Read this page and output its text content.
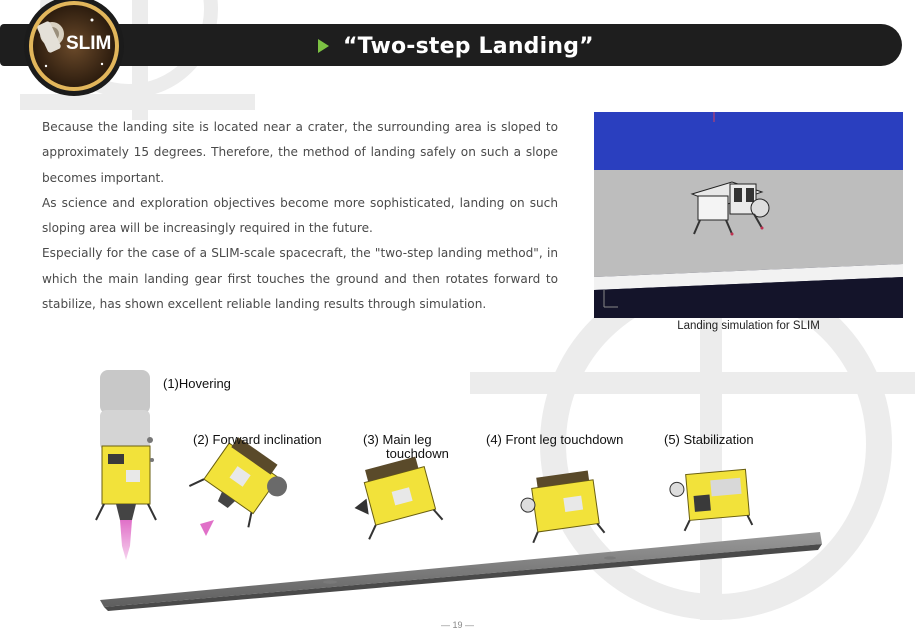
“Two-step Landing”
SLIM

Because the landing site is located near a crater, the surrounding area is sloped to approximately 15 degrees. Therefore, the method of landing safely on such a slope becomes important.

As science and exploration objectives become more sophisticated, landing on such sloping area will be increasingly required in the future.

Especially for the case of a SLIM-scale spacecraft, the "two-step landing method", in which the main landing gear first touches the ground and then rotates forward to stabilize, has shown excellent reliable landing results through simulation.

Landing simulation for SLIM
(1)Hovering
(2) Forward inclination	(3) Main leg
touchdown
(4) Front leg touchdown	(5) Stabilization
— 19 —
